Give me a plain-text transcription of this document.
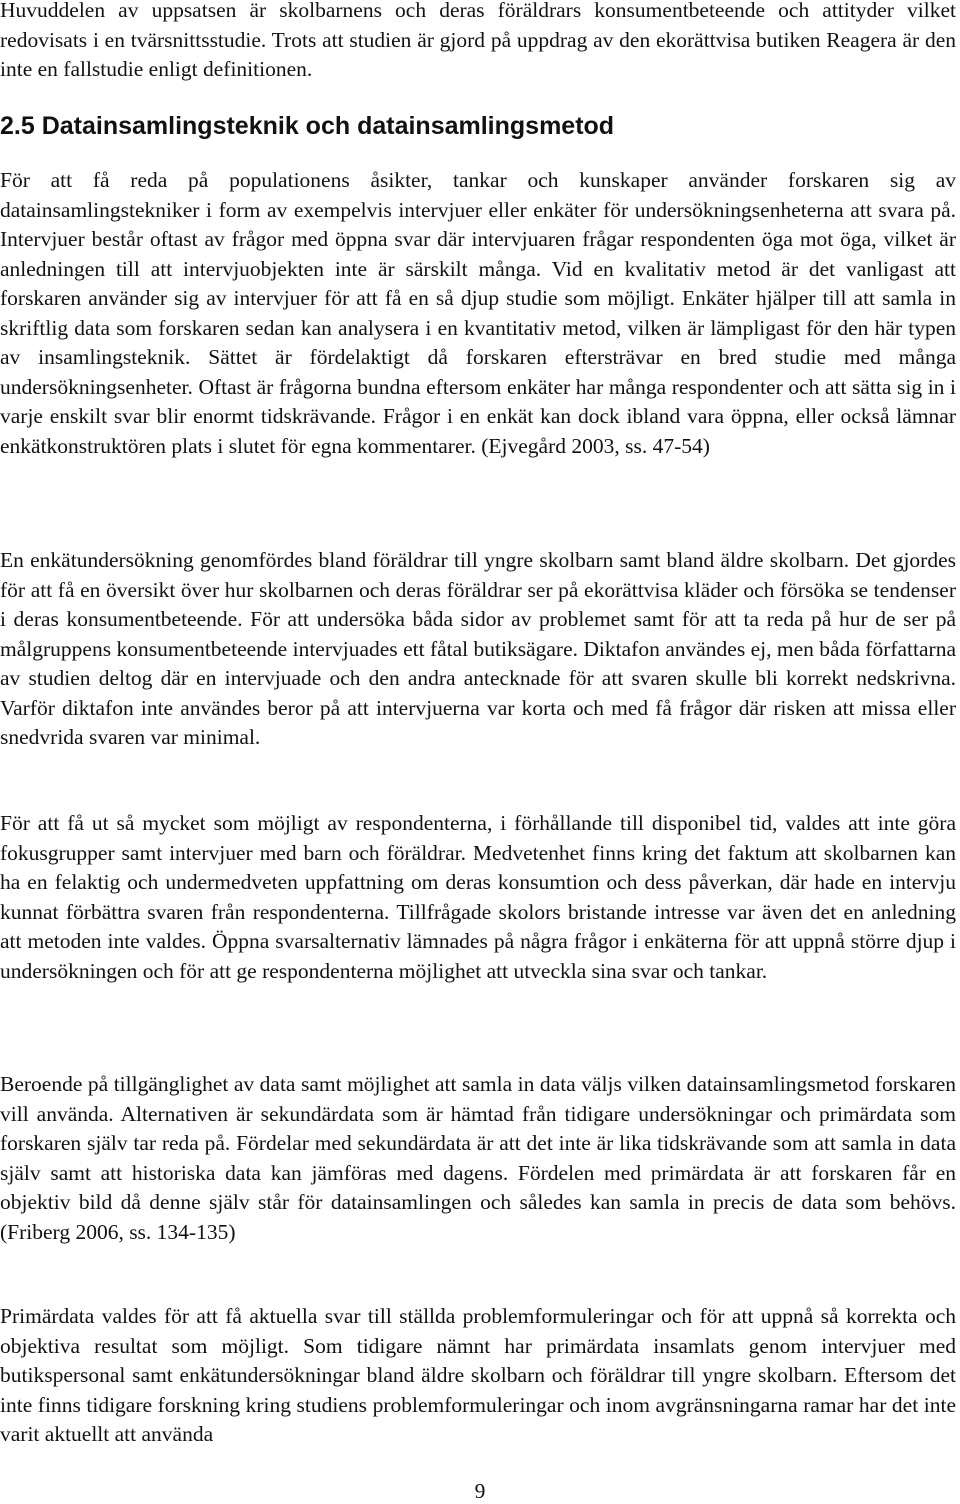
Huvuddelen av uppsatsen är skolbarnens och deras föräldrars konsumentbeteende och attityder vilket redovisats i en tvärsnittsstudie. Trots att studien är gjord på uppdrag av den ekorättvisa butiken Reagera är den inte en fallstudie enligt definitionen.

2.5 Datainsamlingsteknik och datainsamlingsmetod

För att få reda på populationens åsikter, tankar och kunskaper använder forskaren sig av datainsamlingstekniker i form av exempelvis intervjuer eller enkäter för undersökningsenheterna att svara på. Intervjuer består oftast av frågor med öppna svar där intervjuaren frågar respondenten öga mot öga, vilket är anledningen till att intervjuobjekten inte är särskilt många. Vid en kvalitativ metod är det vanligast att forskaren använder sig av intervjuer för att få en så djup studie som möjligt. Enkäter hjälper till att samla in skriftlig data som forskaren sedan kan analysera i en kvantitativ metod, vilken är lämpligast för den här typen av insamlingsteknik. Sättet är fördelaktigt då forskaren eftersträvar en bred studie med många undersökningsenheter. Oftast är frågorna bundna eftersom enkäter har många respondenter och att sätta sig in i varje enskilt svar blir enormt tidskrävande. Frågor i en enkät kan dock ibland vara öppna, eller också lämnar enkätkonstruktören plats i slutet för egna kommentarer. (Ejvegård 2003, ss. 47-54)

En enkätundersökning genomfördes bland föräldrar till yngre skolbarn samt bland äldre skolbarn. Det gjordes för att få en översikt över hur skolbarnen och deras föräldrar ser på ekorättvisa kläder och försöka se tendenser i deras konsumentbeteende. För att undersöka båda sidor av problemet samt för att ta reda på hur de ser på målgruppens konsumentbeteende intervjuades ett fåtal butiksägare. Diktafon användes ej, men båda författarna av studien deltog där en intervjuade och den andra antecknade för att svaren skulle bli korrekt nedskrivna. Varför diktafon inte användes beror på att intervjuerna var korta och med få frågor där risken att missa eller snedvrida svaren var minimal.

För att få ut så mycket som möjligt av respondenterna, i förhållande till disponibel tid, valdes att inte göra fokusgrupper samt intervjuer med barn och föräldrar. Medvetenhet finns kring det faktum att skolbarnen kan ha en felaktig och undermedveten uppfattning om deras konsumtion och dess påverkan, där hade en intervju kunnat förbättra svaren från respondenterna. Tillfrågade skolors bristande intresse var även det en anledning att metoden inte valdes. Öppna svarsalternativ lämnades på några frågor i enkäterna för att uppnå större djup i undersökningen och för att ge respondenterna möjlighet att utveckla sina svar och tankar.

Beroende på tillgänglighet av data samt möjlighet att samla in data väljs vilken datainsamlingsmetod forskaren vill använda. Alternativen är sekundärdata som är hämtad från tidigare undersökningar och primärdata som forskaren själv tar reda på. Fördelar med sekundärdata är att det inte är lika tidskrävande som att samla in data själv samt att historiska data kan jämföras med dagens. Fördelen med primärdata är att forskaren får en objektiv bild då denne själv står för datainsamlingen och således kan samla in precis de data som behövs. (Friberg 2006, ss. 134-135)

Primärdata valdes för att få aktuella svar till ställda problemformuleringar och för att uppnå så korrekta och objektiva resultat som möjligt. Som tidigare nämnt har primärdata insamlats genom intervjuer med butikspersonal samt enkätundersökningar bland äldre skolbarn och föräldrar till yngre skolbarn. Eftersom det inte finns tidigare forskning kring studiens problemformuleringar och inom avgränsningarna ramar har det inte varit aktuellt att använda

9
